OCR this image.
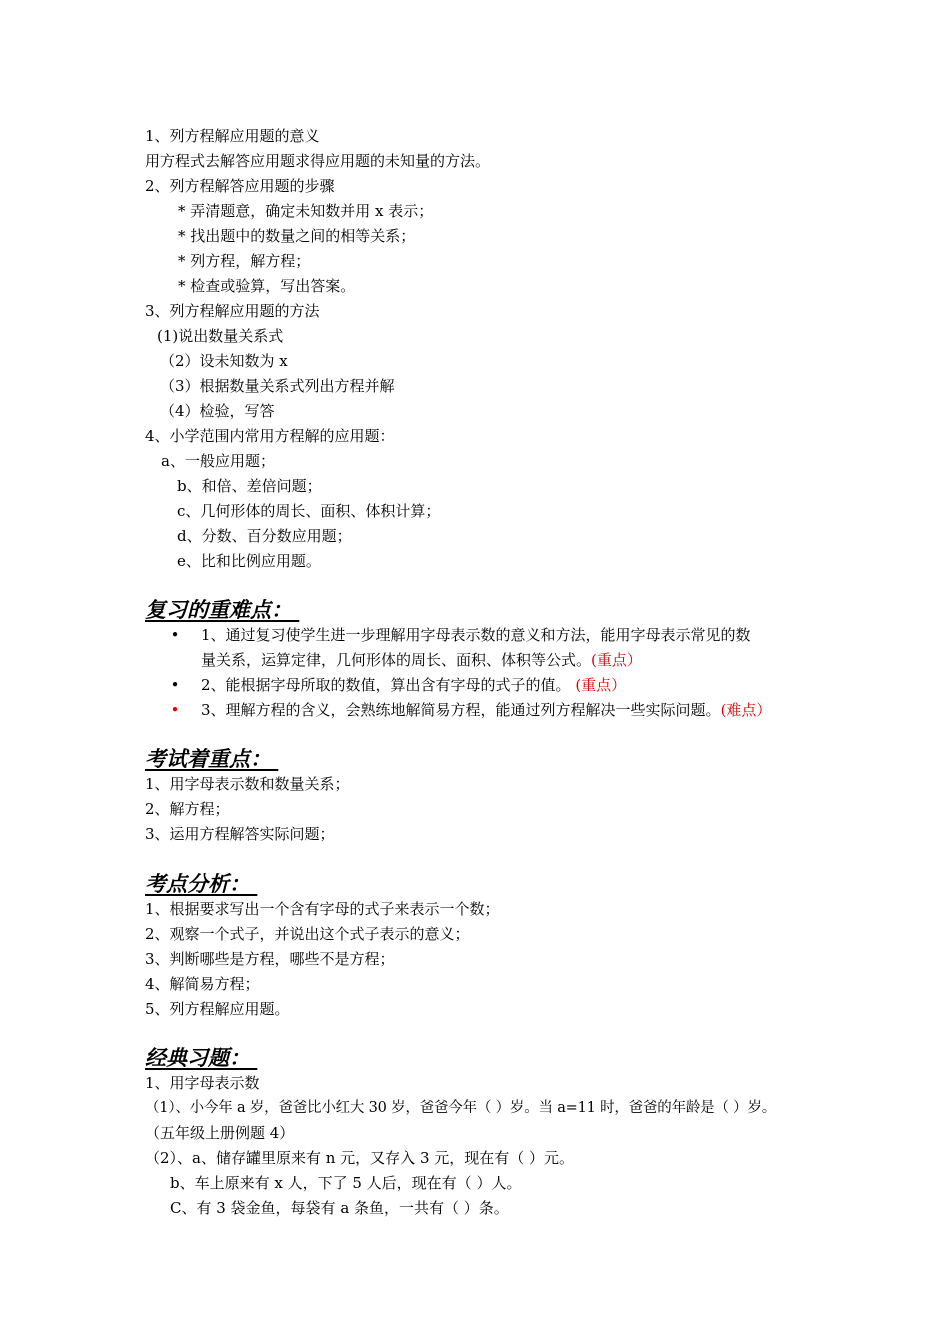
1、列方程解应用题的意义
用方程式去解答应用题求得应用题的未知量的方法。
2、列方程解答应用题的步骤
* 弄清题意，确定未知数并用 x 表示；
* 找出题中的数量之间的相等关系；
* 列方程，解方程；
* 检查或验算，写出答案。
3、列方程解应用题的方法
(1)说出数量关系式
（2）设未知数为 x
（3）根据数量关系式列出方程并解
（4）检验，写答
4、小学范围内常用方程解的应用题：
a、一般应用题；
b、和倍、差倍问题；
c、几何形体的周长、面积、体积计算；
d、分数、百分数应用题；
e、比和比例应用题。
复习的重难点：
• 1、通过复习使学生进一步理解用字母表示数的意义和方法，能用字母表示常见的数
量关系，运算定律，几何形体的周长、面积、体积等公式。(重点）
• 2、能根据字母所取的数值，算出含有字母的式子的值。 (重点）
• 3、理解方程的含义，会熟练地解简易方程，能通过列方程解决一些实际问题。(难点）
考试着重点：
1、用字母表示数和数量关系；
2、解方程；
3、运用方程解答实际问题；
考点分析：
1、根据要求写出一个含有字母的式子来表示一个数；
2、观察一个式子，并说出这个式子表示的意义；
3、判断哪些是方程，哪些不是方程；
4、解简易方程；
5、列方程解应用题。
经典习题：
1、用字母表示数
（1）、小今年 a 岁，爸爸比小红大 30 岁，爸爸今年（ ）岁。当 a=11 时，爸爸的年龄是（ ）岁。
（五年级上册例题 4）
（2）、a、储存罐里原来有 n 元，又存入 3 元，现在有（ ）元。
b、车上原来有 x 人，下了 5 人后，现在有（ ）人。
C、有 3 袋金鱼，每袋有 a 条鱼，一共有（ ）条。
